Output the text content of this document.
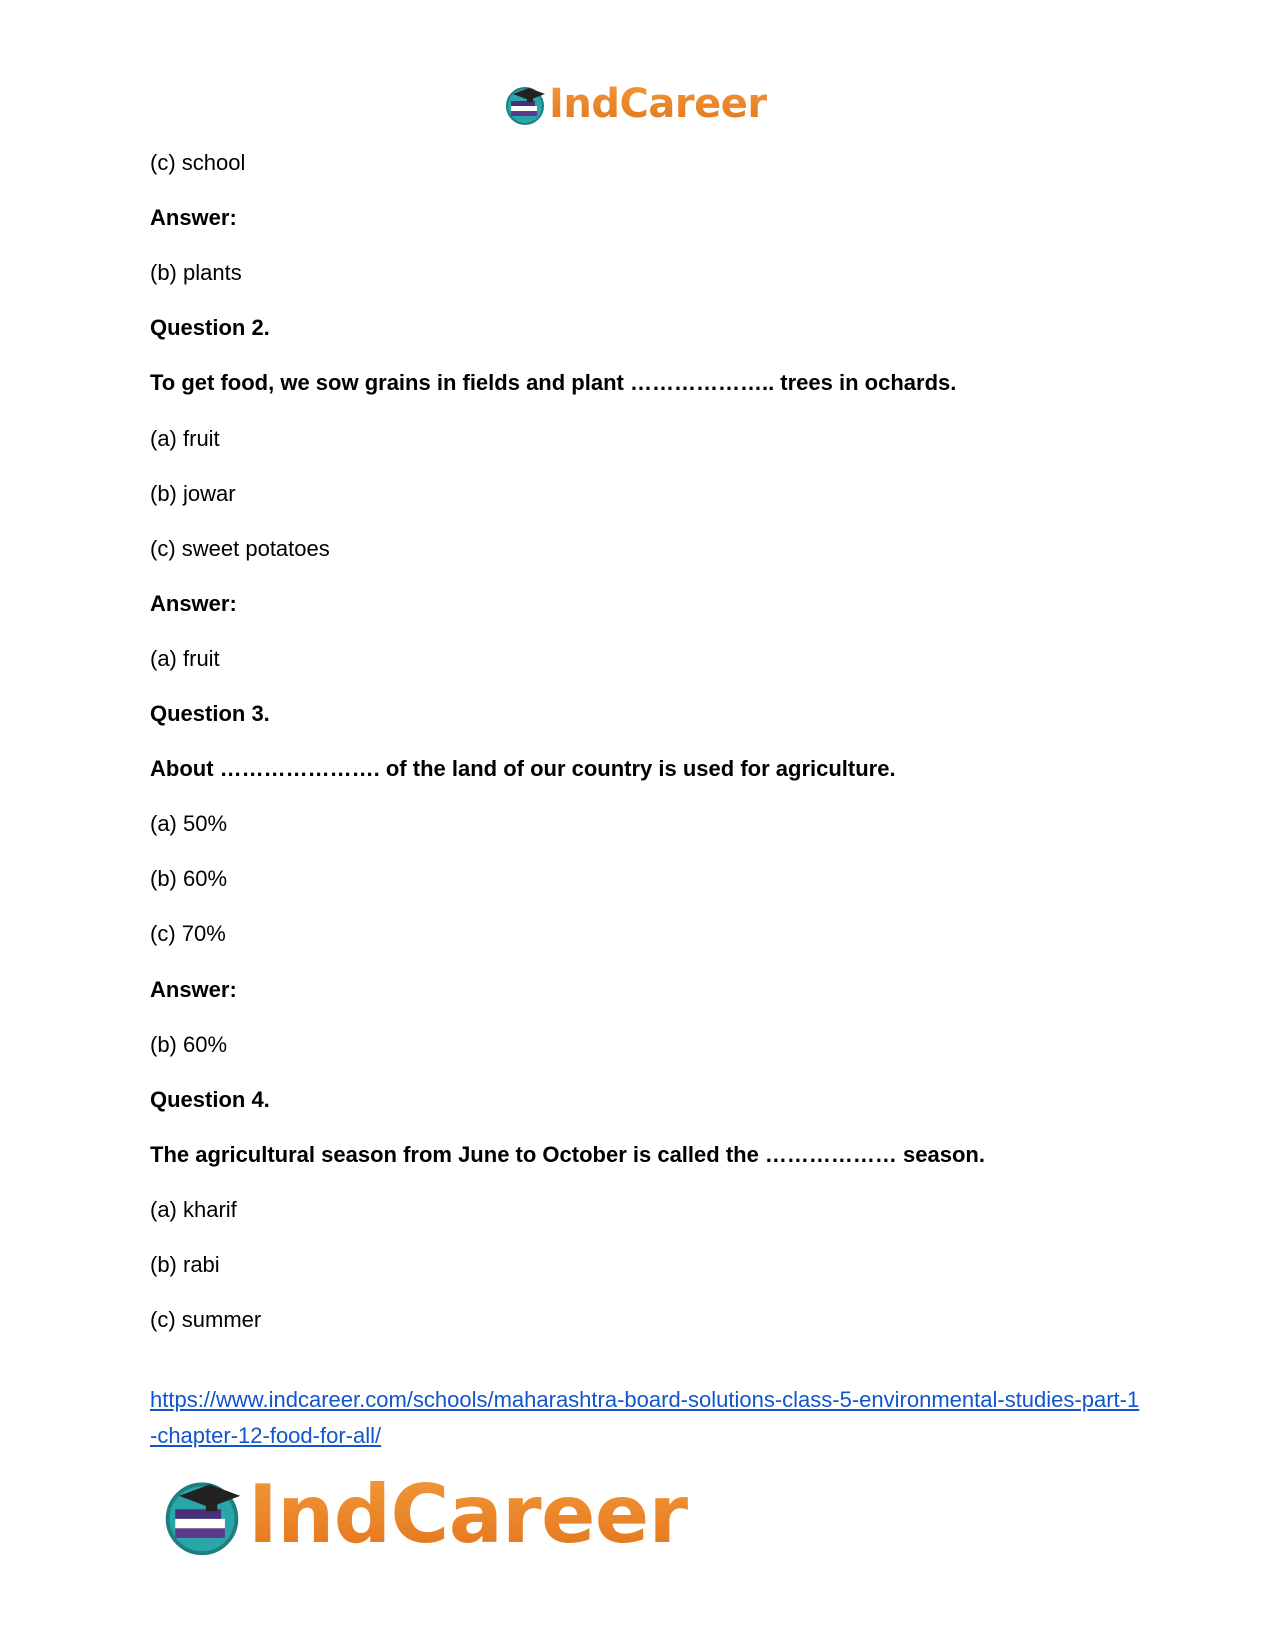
IndCareer
(c) school
Answer:
(b) plants
Question 2.
To get food, we sow grains in fields and plant ……………….. trees in ochards.
(a) fruit
(b) jowar
(c) sweet potatoes
Answer:
(a) fruit
Question 3.
About …………………. of the land of our country is used for agriculture.
(a) 50%
(b) 60%
(c) 70%
Answer:
(b) 60%
Question 4.
The agricultural season from June to October is called the ……………… season.
(a) kharif
(b) rabi
(c) summer
https://www.indcareer.com/schools/maharashtra-board-solutions-class-5-environmental-studies-part-1-chapter-12-food-for-all/
IndCareer
